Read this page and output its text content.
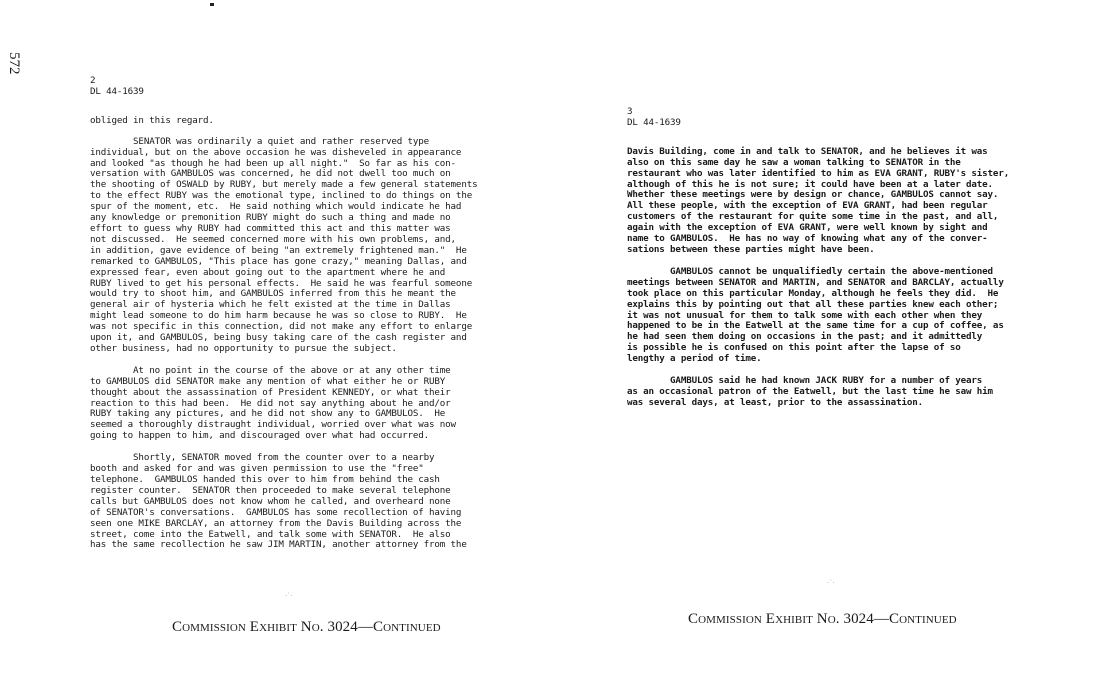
572
2
DL 44-1639
obliged in this regard.
SENATOR was ordinarily a quiet and rather reserved type
individual, but on the above occasion he was disheveled in appearance
and looked "as though he had been up all night."  So far as his con-
versation with GAMBULOS was concerned, he did not dwell too much on
the shooting of OSWALD by RUBY, but merely made a few general statements
to the effect RUBY was the emotional type, inclined to do things on the
spur of the moment, etc.  He said nothing which would indicate he had
any knowledge or premonition RUBY might do such a thing and made no
effort to guess why RUBY had committed this act and this matter was
not discussed.  He seemed concerned more with his own problems, and,
in addition, gave evidence of being "an extremely frightened man."  He
remarked to GAMBULOS, "This place has gone crazy," meaning Dallas, and
expressed fear, even about going out to the apartment where he and
RUBY lived to get his personal effects.  He said he was fearful someone
would try to shoot him, and GAMBULOS inferred from this he meant the
general air of hysteria which he felt existed at the time in Dallas
might lead someone to do him harm because he was so close to RUBY.  He
was not specific in this connection, did not make any effort to enlarge
upon it, and GAMBULOS, being busy taking care of the cash register and
other business, had no opportunity to pursue the subject.
At no point in the course of the above or at any other time
to GAMBULOS did SENATOR make any mention of what either he or RUBY
thought about the assassination of President KENNEDY, or what their
reaction to this had been.  He did not say anything about he and/or
RUBY taking any pictures, and he did not show any to GAMBULOS.  He
seemed a thoroughly distraught individual, worried over what was now
going to happen to him, and discouraged over what had occurred.
Shortly, SENATOR moved from the counter over to a nearby
booth and asked for and was given permission to use the "free"
telephone.  GAMBULOS handed this over to him from behind the cash
register counter.  SENATOR then proceeded to make several telephone
calls but GAMBULOS does not know whom he called, and overheard none
of SENATOR's conversations.  GAMBULOS has some recollection of having
seen one MIKE BARCLAY, an attorney from the Davis Building across the
street, come into the Eatwell, and talk some with SENATOR.  He also
has the same recollection he saw JIM MARTIN, another attorney from the
3
DL 44-1639
Davis Building, come in and talk to SENATOR, and he believes it was
also on this same day he saw a woman talking to SENATOR in the
restaurant who was later identified to him as EVA GRANT, RUBY's sister,
although of this he is not sure; it could have been at a later date.
Whether these meetings were by design or chance, GAMBULOS cannot say.
All these people, with the exception of EVA GRANT, had been regular
customers of the restaurant for quite some time in the past, and all,
again with the exception of EVA GRANT, were well known by sight and
name to GAMBULOS.  He has no way of knowing what any of the conver-
sations between these parties might have been.
GAMBULOS cannot be unqualifiedly certain the above-mentioned
meetings between SENATOR and MARTIN, and SENATOR and BARCLAY, actually
took place on this particular Monday, although he feels they did.  He
explains this by pointing out that all these parties knew each other;
it was not unusual for them to talk some with each other when they
happened to be in the Eatwell at the same time for a cup of coffee, as
he had seen them doing on occasions in the past; and it admittedly
is possible he is confused on this point after the lapse of so
lengthy a period of time.
GAMBULOS said he had known JACK RUBY for a number of years
as an occasional patron of the Eatwell, but the last time he saw him
was several days, at least, prior to the assassination.
.·.
.·.
Commission Exhibit No. 3024—Continued	Commission Exhibit No. 3024—Continued
